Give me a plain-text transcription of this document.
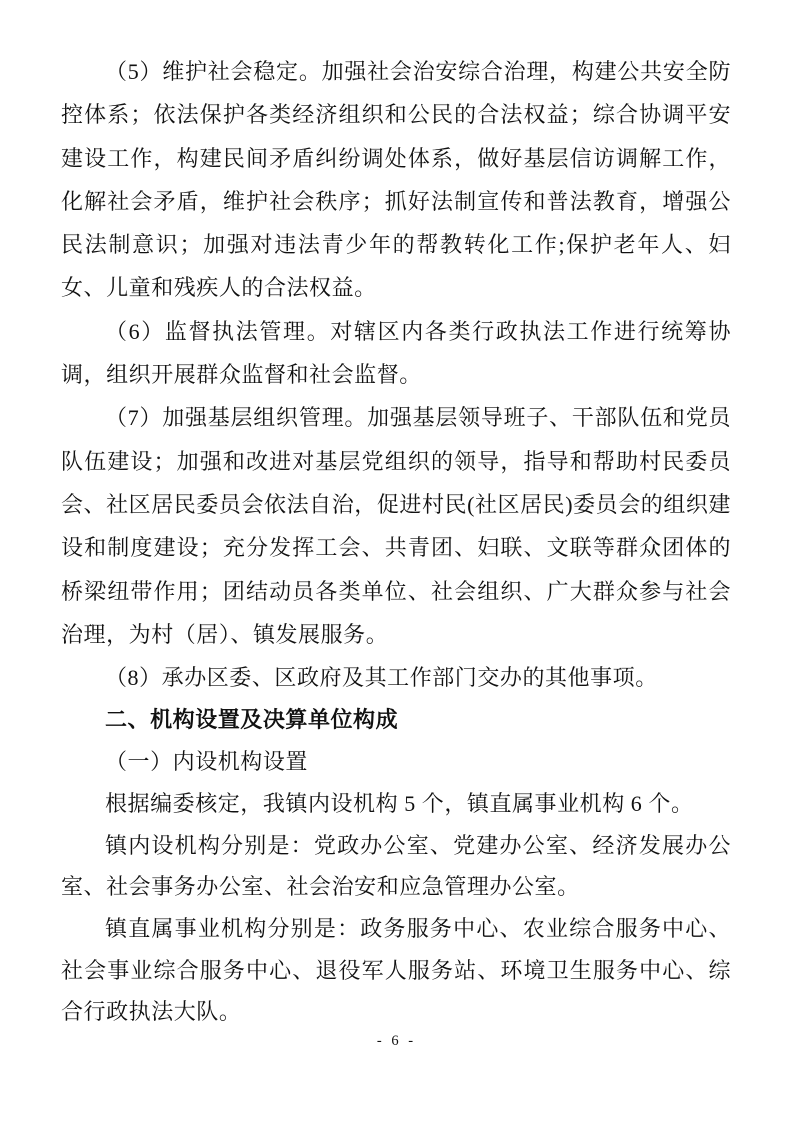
（5）维护社会稳定。加强社会治安综合治理，构建公共安全防控体系；依法保护各类经济组织和公民的合法权益；综合协调平安建设工作，构建民间矛盾纠纷调处体系，做好基层信访调解工作，化解社会矛盾，维护社会秩序；抓好法制宣传和普法教育，增强公民法制意识；加强对违法青少年的帮教转化工作;保护老年人、妇女、儿童和残疾人的合法权益。

（6）监督执法管理。对辖区内各类行政执法工作进行统筹协调，组织开展群众监督和社会监督。

（7）加强基层组织管理。加强基层领导班子、干部队伍和党员队伍建设；加强和改进对基层党组织的领导，指导和帮助村民委员会、社区居民委员会依法自治，促进村民(社区居民)委员会的组织建设和制度建设；充分发挥工会、共青团、妇联、文联等群众团体的桥梁纽带作用；团结动员各类单位、社会组织、广大群众参与社会治理，为村（居）、镇发展服务。

（8）承办区委、区政府及其工作部门交办的其他事项。

二、机构设置及决算单位构成

（一）内设机构设置

根据编委核定，我镇内设机构 5 个，镇直属事业机构 6 个。

镇内设机构分别是：党政办公室、党建办公室、经济发展办公室、社会事务办公室、社会治安和应急管理办公室。

镇直属事业机构分别是：政务服务中心、农业综合服务中心、社会事业综合服务中心、退役军人服务站、环境卫生服务中心、综合行政执法大队。

- 6 -
